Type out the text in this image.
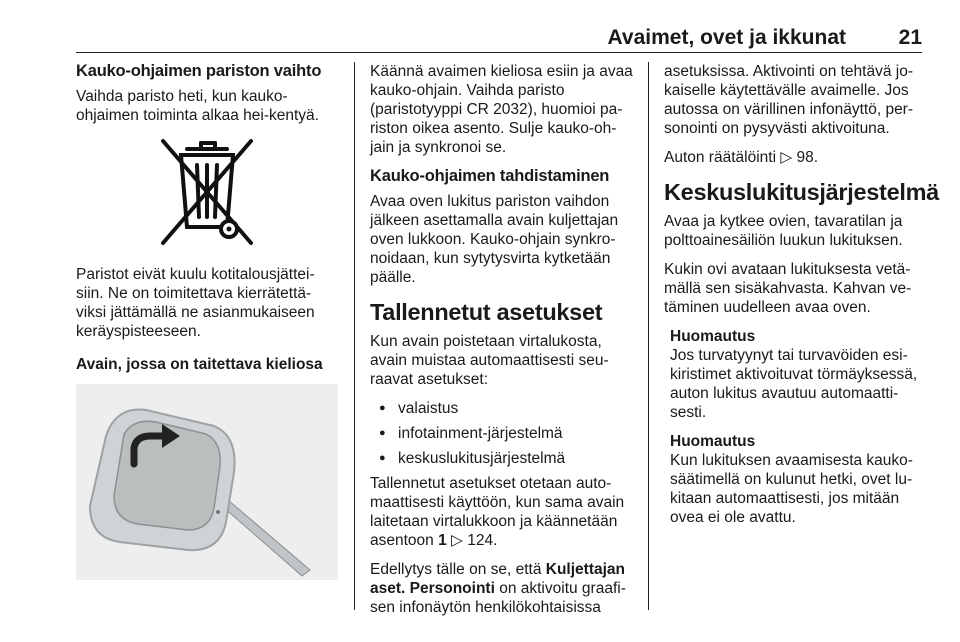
Avaimet, ovet ja ikkunat	21
Kauko-ohjaimen pariston vaihto

Vaihda paristo heti, kun kauko-ohjaimen toiminta alkaa hei-kentyä.

Paristot eivät kuulu kotitalousjättei-siin. Ne on toimitettava kierrätettä-viksi jättämällä ne asianmukaiseen keräyspisteeseen.

Avain, jossa on taitettava kieliosa

Käännä avaimen kieliosa esiin ja avaa kauko-ohjain. Vaihda paristo (paristotyyppi CR 2032), huomioi pa-riston oikea asento. Sulje kauko-oh-jain ja synkronoi se.

Kauko-ohjaimen tahdistaminen

Avaa oven lukitus pariston vaihdon jälkeen asettamalla avain kuljettajan oven lukkoon. Kauko-ohjain synkro-noidaan, kun sytytysvirta kytketään päälle.

Tallennetut asetukset

Kun avain poistetaan virtalukosta, avain muistaa automaattisesti seu-raavat asetukset:

● valaistus
● infotainment-järjestelmä
● keskuslukitusjärjestelmä

Tallennetut asetukset otetaan auto-maattisesti käyttöön, kun sama avain laitetaan virtalukkoon ja käännetään asentoon 1 ▷ 124.

Edellytys tälle on se, että Kuljettajan aset. Personointi on aktivoitu graafi-sen infonäytön henkilökohtaisissa

asetuksissa. Aktivointi on tehtävä jo-kaiselle käytettävälle avaimelle. Jos autossa on värillinen infonäyttö, per-sonointi on pysyvästi aktivoituna.

Auton räätälöinti ▷ 98.

Keskuslukitusjärjestelmä

Avaa ja kytkee ovien, tavaratilan ja polttoainesäiliön luukun lukituksen.

Kukin ovi avataan lukituksesta vetä-mällä sen sisäkahvasta. Kahvan ve-täminen uudelleen avaa oven.

Huomautus
Jos turvatyynyt tai turvavöiden esi-kiristimet aktivoituvat törmäyksessä, auton lukitus avautuu automaatti-sesti.
Huomautus
Kun lukituksen avaamisesta kauko-säätimellä on kulunut hetki, ovet lu-kitaan automaattisesti, jos mitään ovea ei ole avattu.
